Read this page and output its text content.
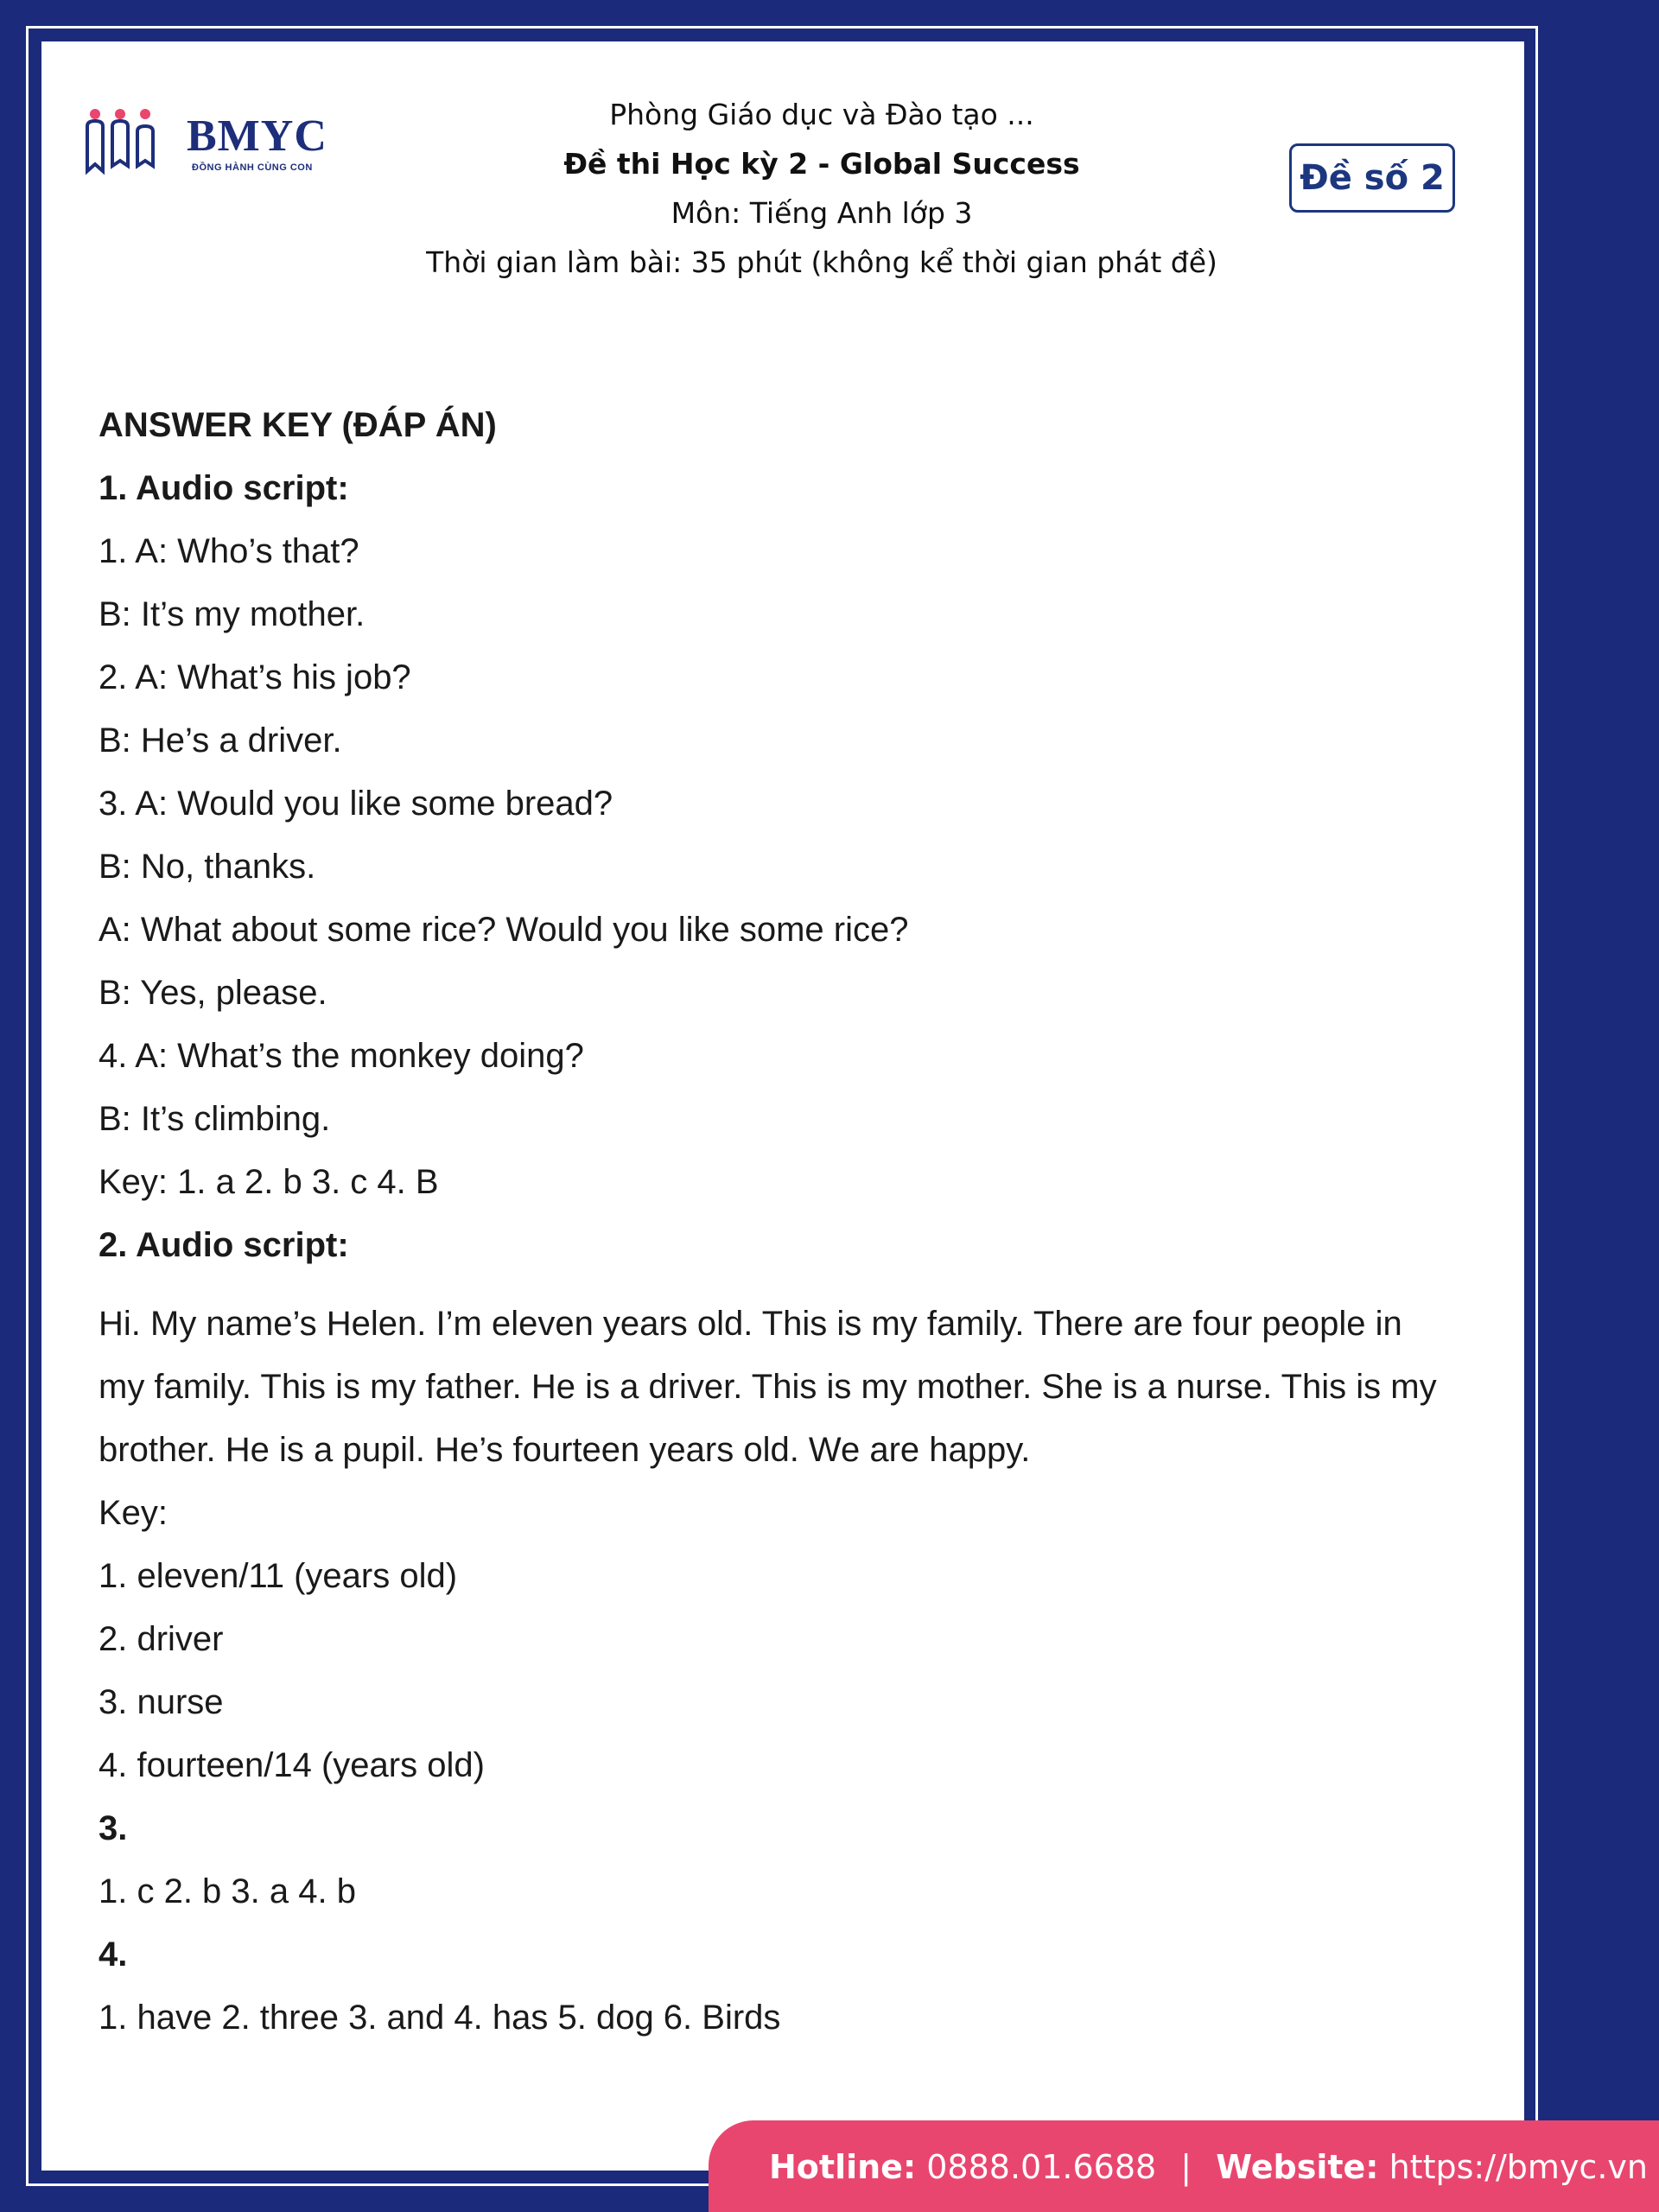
BMYC
ĐỒNG HÀNH CÙNG CON
Phòng Giáo dục và Đào tạo ...
Đề thi Học kỳ 2 - Global Success
Môn: Tiếng Anh lớp 3
Thời gian làm bài: 35 phút (không kể thời gian phát đề)
Đề số 2
ANSWER KEY (ĐÁP ÁN)
1. Audio script:
1. A: Who’s that?
B: It’s my mother.
2. A: What’s his job?
B: He’s a driver.
3. A: Would you like some bread?
B: No, thanks.
A: What about some rice? Would you like some rice?
B: Yes, please.
4. A: What’s the monkey doing?
B: It’s climbing.
Key: 1. a 2. b 3. c 4. B
2. Audio script:
Hi. My name’s Helen. I’m eleven years old. This is my family. There are four people in my family. This is my father. He is a driver. This is my mother. She is a nurse. This is my brother. He is a pupil. He’s fourteen years old. We are happy.
Key:
1. eleven/11 (years old)
2. driver
3. nurse
4. fourteen/14 (years old)
3.
1. c 2. b 3. a 4. b
4.
1. have 2. three 3. and 4. has 5. dog 6. Birds
Hotline: 0888.01.6688 | Website: https://bmyc.vn
